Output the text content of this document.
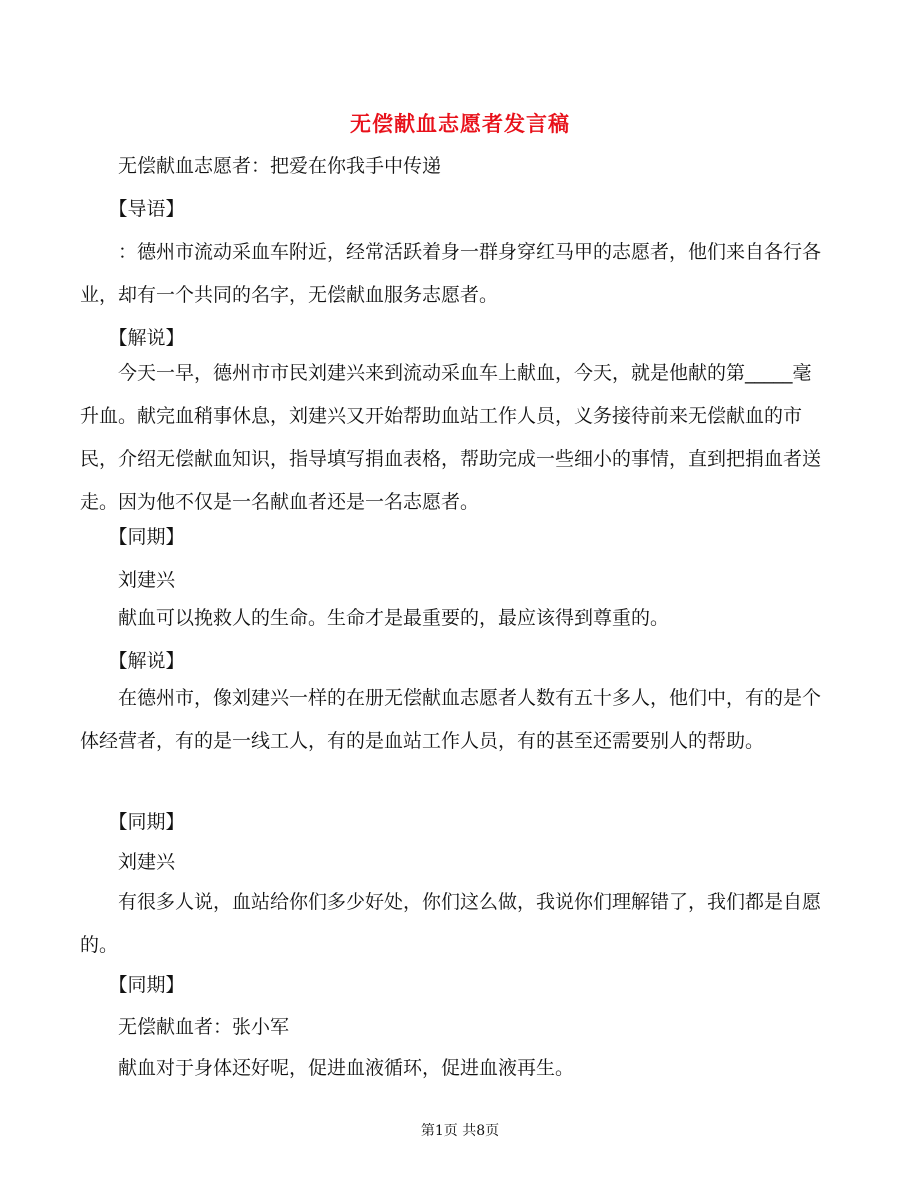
无偿献血志愿者发言稿

　　无偿献血志愿者：把爱在你我手中传递

　　【导语】

　　：德州市流动采血车附近，经常活跃着身一群身穿红马甲的志愿者，他们来自各行各业，却有一个共同的名字，无偿献血服务志愿者。

　　【解说】

　　今天一早，德州市市民刘建兴来到流动采血车上献血，今天，就是他献的第_____毫升血。献完血稍事休息，刘建兴又开始帮助血站工作人员，义务接待前来无偿献血的市民，介绍无偿献血知识，指导填写捐血表格，帮助完成一些细小的事情，直到把捐血者送走。因为他不仅是一名献血者还是一名志愿者。

　　【同期】

　　刘建兴

　　献血可以挽救人的生命。生命才是最重要的，最应该得到尊重的。

　　【解说】

　　在德州市，像刘建兴一样的在册无偿献血志愿者人数有五十多人，他们中，有的是个体经营者，有的是一线工人，有的是血站工作人员，有的甚至还需要别人的帮助。

　　【同期】

　　刘建兴

　　有很多人说，血站给你们多少好处，你们这么做，我说你们理解错了，我们都是自愿的。

　　【同期】

　　无偿献血者：张小军

　　献血对于身体还好呢，促进血液循环，促进血液再生。

第1页 共8页
